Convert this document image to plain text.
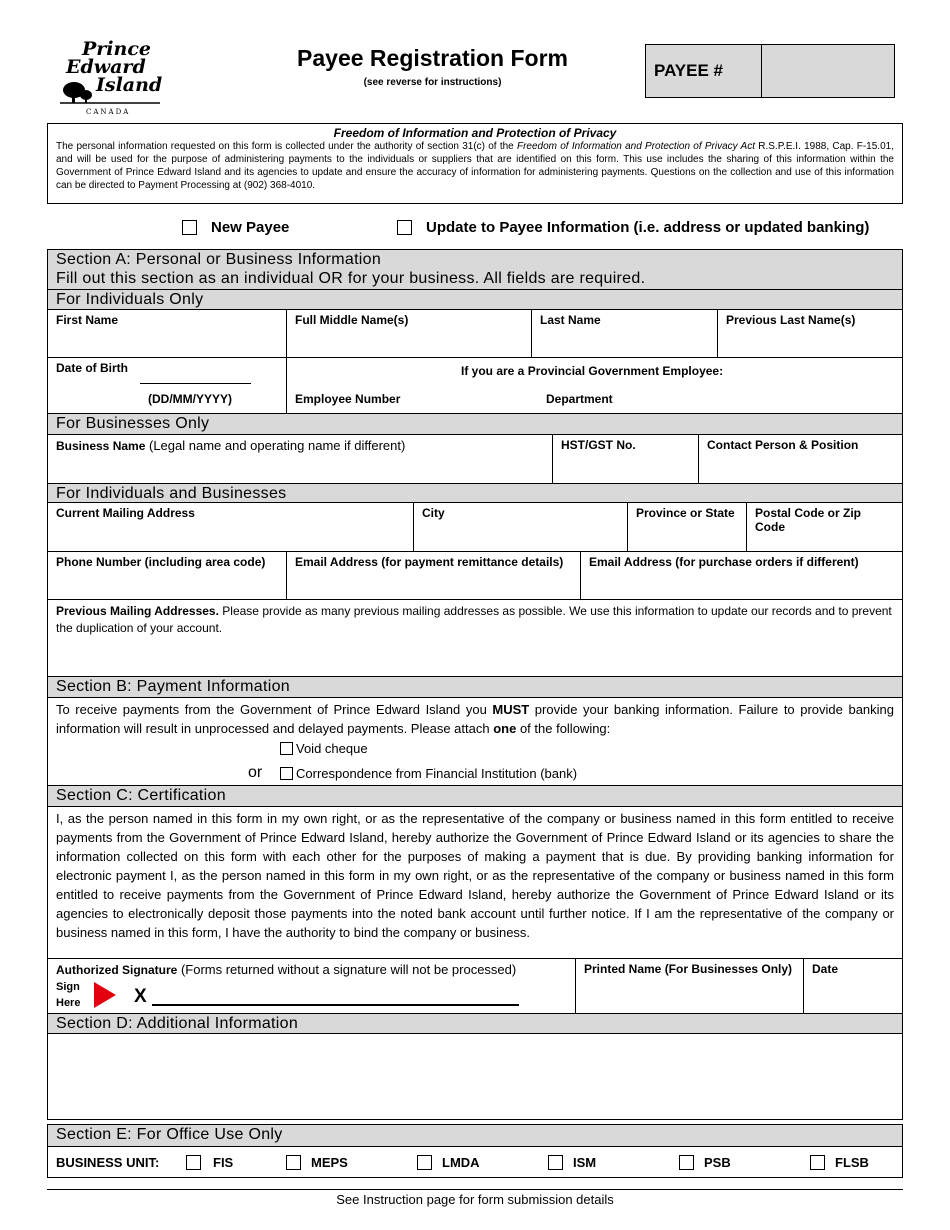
Prince
Edward
Island
CANADA
Payee Registration Form
(see reverse for instructions)
PAYEE #
Freedom of Information and Protection of Privacy
The personal information requested on this form is collected under the authority of section 31(c) of the Freedom of Information and Protection of Privacy Act R.S.P.E.I. 1988, Cap. F-15.01, and will be used for the purpose of administering payments to the individuals or suppliers that are identified on this form. This use includes the sharing of this information within the Government of Prince Edward Island and its agencies to update and ensure the accuracy of information for administering payments. Questions on the collection and use of this information can be directed to Payment Processing at (902) 368-4010.
New Payee	Update to Payee Information (i.e. address or updated banking)
Section A: Personal or Business Information
Fill out this section as an individual OR for your business. All fields are required.
For Individuals Only
First Name	Full Middle Name(s)	Last Name	Previous Last Name(s)
Date of Birth
(DD/MM/YYYY)
If you are a Provincial Government Employee:
Employee Number	Department
For Businesses Only
Business Name (Legal name and operating name if different)	HST/GST No.	Contact Person & Position
For Individuals and Businesses
Current Mailing Address	City	Province or State	Postal Code or Zip Code
Phone Number (including area code)	Email Address (for payment remittance details)	Email Address (for purchase orders if different)
Previous Mailing Addresses. Please provide as many previous mailing addresses as possible. We use this information to update our records and to prevent the duplication of your account.
Section B: Payment Information
To receive payments from the Government of Prince Edward Island you MUST provide your banking information. Failure to provide banking information will result in unprocessed and delayed payments. Please attach one of the following:
Void cheque
or	Correspondence from Financial Institution (bank)
Section C: Certification
I, as the person named in this form in my own right, or as the representative of the company or business named in this form entitled to receive payments from the Government of Prince Edward Island, hereby authorize the Government of Prince Edward Island or its agencies to share the information collected on this form with each other for the purposes of making a payment that is due. By providing banking information for electronic payment I, as the person named in this form in my own right, or as the representative of the company or business named in this form entitled to receive payments from the Government of Prince Edward Island, hereby authorize the Government of Prince Edward Island or its agencies to electronically deposit those payments into the noted bank account until further notice. If I am the representative of the company or business named in this form, I have the authority to bind the company or business.
Authorized Signature (Forms returned without a signature will not be processed)
Sign
Here	X
Printed Name (For Businesses Only)	Date
Section D: Additional Information
Section E: For Office Use Only
BUSINESS UNIT:	FIS	MEPS	LMDA	ISM	PSB	FLSB
See Instruction page for form submission details
